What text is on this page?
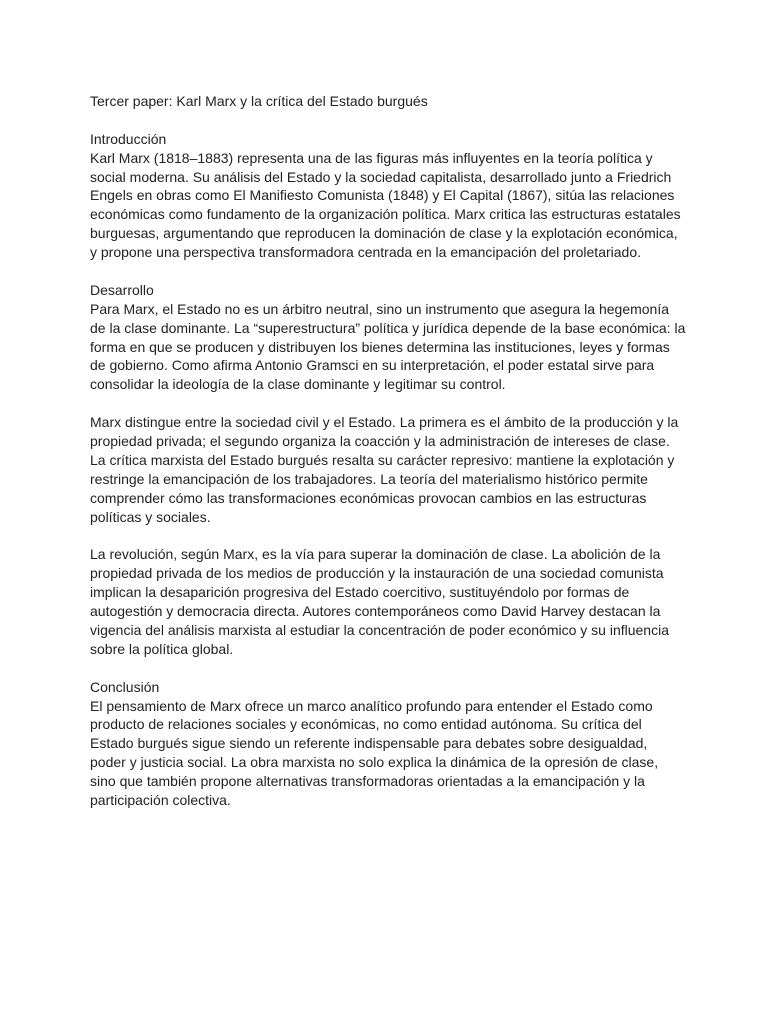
Tercer paper: Karl Marx y la crítica del Estado burgués
Introducción
Karl Marx (1818–1883) representa una de las figuras más influyentes en la teoría política y
social moderna. Su análisis del Estado y la sociedad capitalista, desarrollado junto a Friedrich
Engels en obras como El Manifiesto Comunista (1848) y El Capital (1867), sitúa las relaciones
económicas como fundamento de la organización política. Marx critica las estructuras estatales
burguesas, argumentando que reproducen la dominación de clase y la explotación económica,
y propone una perspectiva transformadora centrada en la emancipación del proletariado.
Desarrollo
Para Marx, el Estado no es un árbitro neutral, sino un instrumento que asegura la hegemonía
de la clase dominante. La “superestructura” política y jurídica depende de la base económica: la
forma en que se producen y distribuyen los bienes determina las instituciones, leyes y formas
de gobierno. Como afirma Antonio Gramsci en su interpretación, el poder estatal sirve para
consolidar la ideología de la clase dominante y legitimar su control.
Marx distingue entre la sociedad civil y el Estado. La primera es el ámbito de la producción y la
propiedad privada; el segundo organiza la coacción y la administración de intereses de clase.
La crítica marxista del Estado burgués resalta su carácter represivo: mantiene la explotación y
restringe la emancipación de los trabajadores. La teoría del materialismo histórico permite
comprender cómo las transformaciones económicas provocan cambios en las estructuras
políticas y sociales.
La revolución, según Marx, es la vía para superar la dominación de clase. La abolición de la
propiedad privada de los medios de producción y la instauración de una sociedad comunista
implican la desaparición progresiva del Estado coercitivo, sustituyéndolo por formas de
autogestión y democracia directa. Autores contemporáneos como David Harvey destacan la
vigencia del análisis marxista al estudiar la concentración de poder económico y su influencia
sobre la política global.
Conclusión
El pensamiento de Marx ofrece un marco analítico profundo para entender el Estado como
producto de relaciones sociales y económicas, no como entidad autónoma. Su crítica del
Estado burgués sigue siendo un referente indispensable para debates sobre desigualdad,
poder y justicia social. La obra marxista no solo explica la dinámica de la opresión de clase,
sino que también propone alternativas transformadoras orientadas a la emancipación y la
participación colectiva.
